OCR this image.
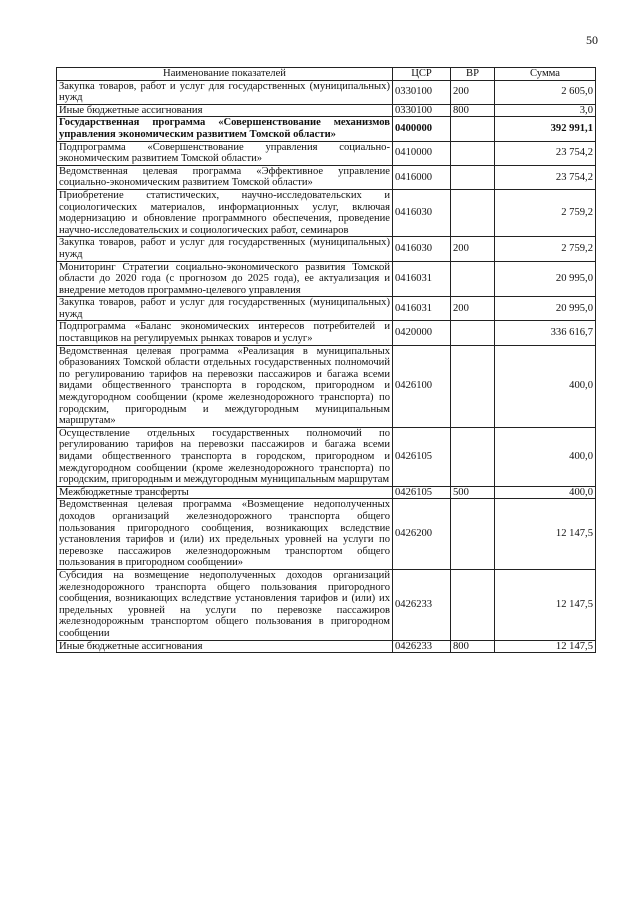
50
Наименование показателей	ЦСР	ВР	Сумма
Закупка товаров, работ и услуг для государственных (муниципальных) нужд	0330100	200	2 605,0
Иные бюджетные ассигнования	0330100	800	3,0
Государственная программа «Совершенствование механизмов управления экономическим развитием Томской области»	0400000		392 991,1
Подпрограмма «Совершенствование управления социально-экономическим развитием Томской области»	0410000		23 754,2
Ведомственная целевая программа «Эффективное управление социально-экономическим развитием Томской области»	0416000		23 754,2
Приобретение статистических, научно-исследовательских и социологических материалов, информационных услуг, включая модернизацию и обновление программного обеспечения, проведение научно-исследовательских и социологических работ, семинаров	0416030		2 759,2
Закупка товаров, работ и услуг для государственных (муниципальных) нужд	0416030	200	2 759,2
Мониторинг Стратегии социально-экономического развития Томской области до 2020 года (с прогнозом до 2025 года), ее актуализация и внедрение методов программно-целевого управления	0416031		20 995,0
Закупка товаров, работ и услуг для государственных (муниципальных) нужд	0416031	200	20 995,0
Подпрограмма «Баланс экономических интересов потребителей и поставщиков на регулируемых рынках товаров и услуг»	0420000		336 616,7
Ведомственная целевая программа «Реализация в муниципальных образованиях Томской области отдельных государственных полномочий по регулированию тарифов на перевозки пассажиров и багажа всеми видами общественного транспорта в городском, пригородном и междугородном сообщении (кроме железнодорожного транспорта) по городским, пригородным и междугородным муниципальным маршрутам»	0426100		400,0
Осуществление отдельных государственных полномочий по регулированию тарифов на перевозки пассажиров и багажа всеми видами общественного транспорта в городском, пригородном и междугородном сообщении (кроме железнодорожного транспорта) по городским, пригородным и междугородным муниципальным маршрутам	0426105		400,0
Межбюджетные трансферты	0426105	500	400,0
Ведомственная целевая программа «Возмещение недополученных доходов организаций железнодорожного транспорта общего пользования пригородного сообщения, возникающих вследствие установления тарифов и (или) их предельных уровней на услуги по перевозке пассажиров железнодорожным транспортом общего пользования в пригородном сообщении»	0426200		12 147,5
Субсидия на возмещение недополученных доходов организаций железнодорожного транспорта общего пользования пригородного сообщения, возникающих вследствие установления тарифов и (или) их предельных уровней на услуги по перевозке пассажиров железнодорожным транспортом общего пользования в пригородном сообщении	0426233		12 147,5
Иные бюджетные ассигнования	0426233	800	12 147,5
